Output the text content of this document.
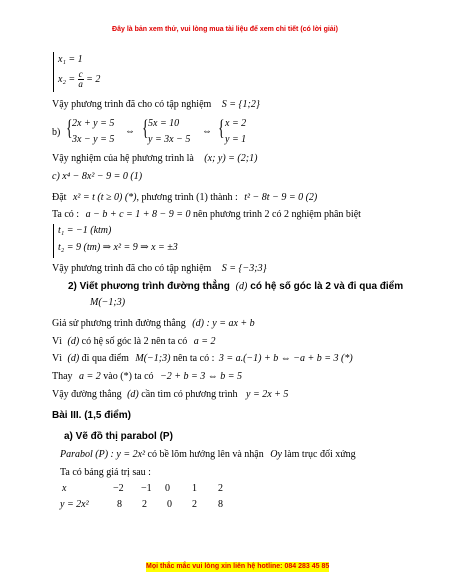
Đây là bản xem thử, vui lòng mua tài liệu để xem chi tiết (có lời giải)
Mọi thắc mắc vui lòng xin liên hệ hotline: 084 283 45 85
x₁ = 1
$x_2 = \frac{c}{a} = 2$
Vậy phương trình đã cho có tập nghiệm S = {1;2}
b) { 2x + y = 5
3x − y = 5
⇔ { 5x = 10
y = 3x − 5
⇔ { x = 2
y = 1
Vậy nghiệm của hệ phương trình là (x; y) = (2;1)
c) x⁴ − 8x² − 9 = 0 (1)
Đặt x² = t (t ≥ 0) (*), phương trình (1) thành : t² − 8t − 9 = 0 (2)
Ta có : a − b + c = 1 + 8 − 9 = 0 nên phương trình 2 có 2 nghiệm phân biệt
t₁ = −1 (ktm)
t₂ = 9 (tm) ⇒ x² = 9 ⇒ x = ±3
Vậy phương trình đã cho có tập nghiệm S = {−3;3}
2) Viết phương trình đường thẳng (d) có hệ số góc là 2 và đi qua điểm
M(−1;3)
Giả sử phương trình đường thẳng (d) : y = ax + b
Vì (d) có hệ số góc là 2 nên ta có a = 2
Vì (d) đi qua điểm M(−1;3) nên ta có : 3 = a.(−1) + b ⇔ −a + b = 3 (*)
Thay a = 2 vào (*) ta có −2 + b = 3 ⇔ b = 5
Vậy đường thẳng (d) cần tìm có phương trình y = 2x + 5
Bài III. (1,5 điểm)
a) Vẽ đồ thị parabol (P)
Parabol (P) : y = 2x² có bề lõm hướng lên và nhận Oy làm trục đối xứng
Ta có bảng giá trị sau :
x	−2 −1 0 1 2
y = 2x²	8 2 0 2 8
